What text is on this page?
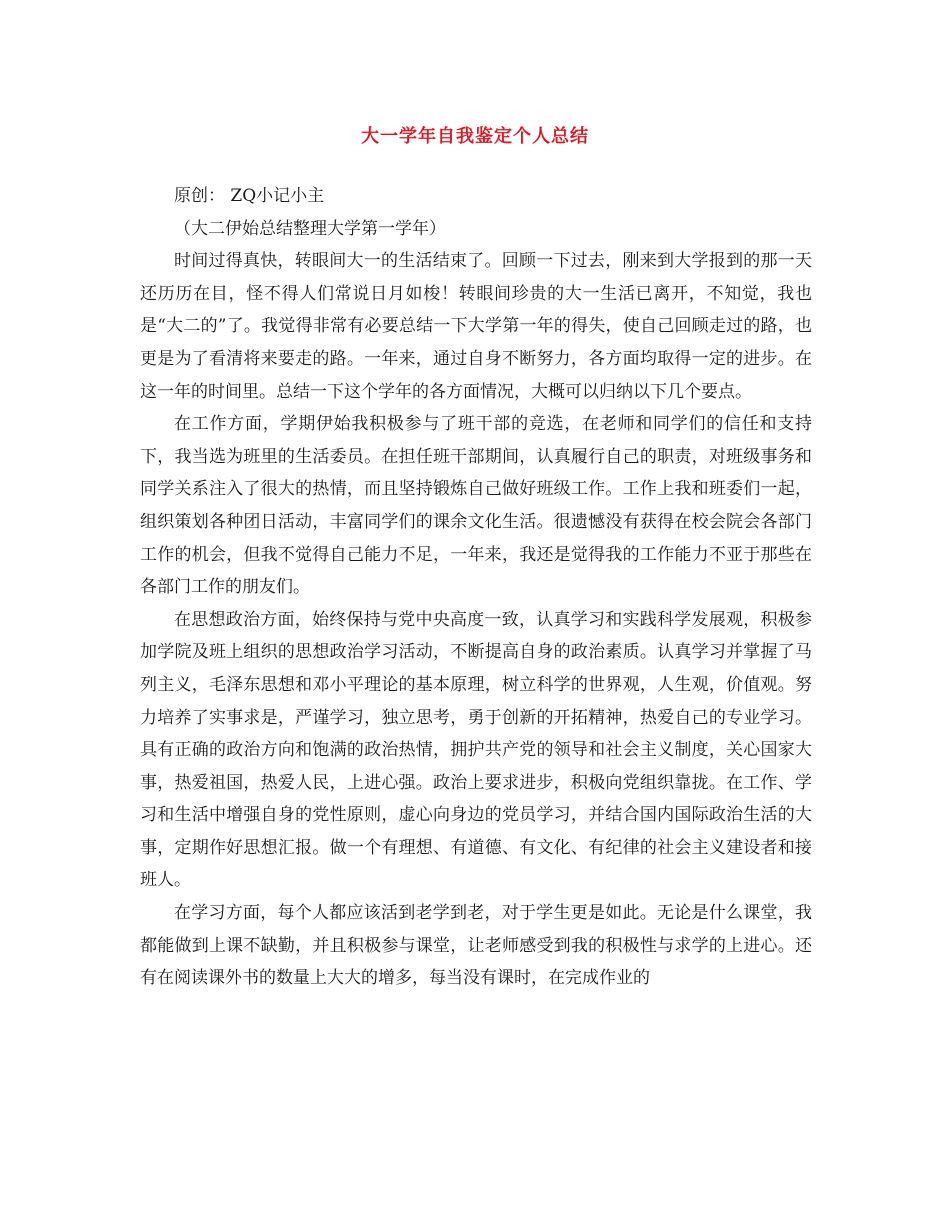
大一学年自我鉴定个人总结

原创： ZQ小记小主

（大二伊始总结整理大学第一学年）

时间过得真快，转眼间大一的生活结束了。回顾一下过去，刚来到大学报到的那一天还历历在目，怪不得人们常说日月如梭！转眼间珍贵的大一生活已离开，不知觉，我也是“大二的”了。我觉得非常有必要总结一下大学第一年的得失，使自己回顾走过的路，也更是为了看清将来要走的路。一年来，通过自身不断努力，各方面均取得一定的进步。在这一年的时间里。总结一下这个学年的各方面情况，大概可以归纳以下几个要点。

在工作方面，学期伊始我积极参与了班干部的竞选，在老师和同学们的信任和支持下，我当选为班里的生活委员。在担任班干部期间，认真履行自己的职责，对班级事务和同学关系注入了很大的热情，而且坚持锻炼自己做好班级工作。工作上我和班委们一起，组织策划各种团日活动，丰富同学们的课余文化生活。很遗憾没有获得在校会院会各部门工作的机会，但我不觉得自己能力不足，一年来，我还是觉得我的工作能力不亚于那些在各部门工作的朋友们。

在思想政治方面，始终保持与党中央高度一致，认真学习和实践科学发展观，积极参加学院及班上组织的思想政治学习活动，不断提高自身的政治素质。认真学习并掌握了马列主义，毛泽东思想和邓小平理论的基本原理，树立科学的世界观，人生观，价值观。努力培养了实事求是，严谨学习，独立思考，勇于创新的开拓精神，热爱自己的专业学习。具有正确的政治方向和饱满的政治热情，拥护共产党的领导和社会主义制度，关心国家大事，热爱祖国，热爱人民，上进心强。政治上要求进步，积极向党组织靠拢。在工作、学习和生活中增强自身的党性原则，虚心向身边的党员学习，并结合国内国际政治生活的大事，定期作好思想汇报。做一个有理想、有道德、有文化、有纪律的社会主义建设者和接班人。

在学习方面，每个人都应该活到老学到老，对于学生更是如此。无论是什么课堂，我都能做到上课不缺勤，并且积极参与课堂，让老师感受到我的积极性与求学的上进心。还有在阅读课外书的数量上大大的增多，每当没有课时，在完成作业的
